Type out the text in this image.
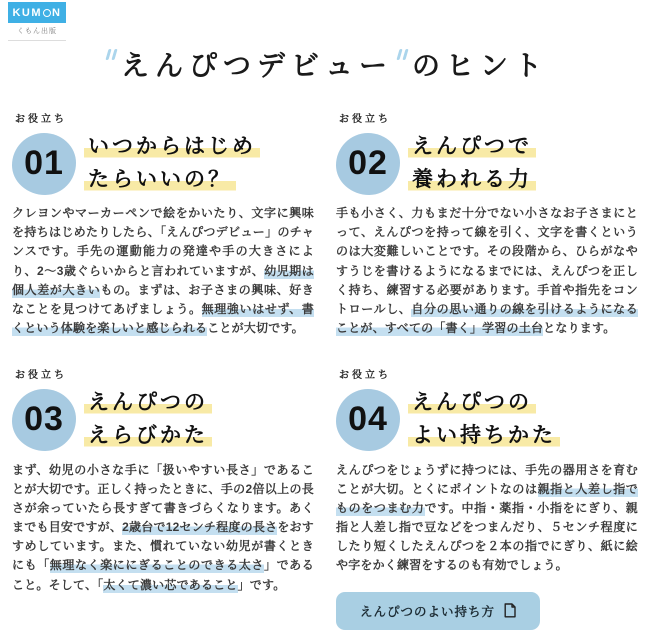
KUM N
くもん出版
えんぴつデビュー のヒント
お役立ち
01 いつからはじめ
たらいいの？

クレヨンやマーカーペンで絵をかいたり、文字に興味を持ちはじめたりしたら、「えんぴつデビュー」のチャンスです。手先の運動能力の発達や手の大きさにより、2〜3歳ぐらいからと言われていますが、幼児期は個人差が大きいもの。まずは、お子さまの興味、好きなことを見つけてあげましょう。無理強いはせず、書くという体験を楽しいと感じられることが大切です。

お役立ち
02 えんぴつで
養われる力

手も小さく、力もまだ十分でない小さなお子さまにとって、えんぴつを持って線を引く、文字を書くというのは大変難しいことです。その段階から、ひらがなやすうじを書けるようになるまでには、えんぴつを正しく持ち、練習する必要があります。手首や指先をコントロールし、自分の思い通りの線を引けるようになることが、すべての「書く」学習の土台となります。

お役立ち
03 えんぴつの
えらびかた

まず、幼児の小さな手に「扱いやすい長さ」であることが大切です。正しく持ったときに、手の2倍以上の長さが余っていたら長すぎて書きづらくなります。あくまでも目安ですが、2歳台で12センチ程度の長さをおすすめしています。また、慣れていない幼児が書くときにも「無理なく楽ににぎることのできる太さ」であること。そして、「太くて濃い芯であること」です。

お役立ち
04 えんぴつの
よい持ちかた

えんぴつをじょうずに持つには、手先の器用さを育むことが大切。とくにポイントなのは親指と人差し指でものをつまむ力です。中指・薬指・小指をにぎり、親指と人差し指で豆などをつまんだり、５センチ程度にしたり短くしたえんぴつを２本の指でにぎり、紙に絵や字をかく練習をするのも有効でしょう。

えんぴつのよい持ち方
